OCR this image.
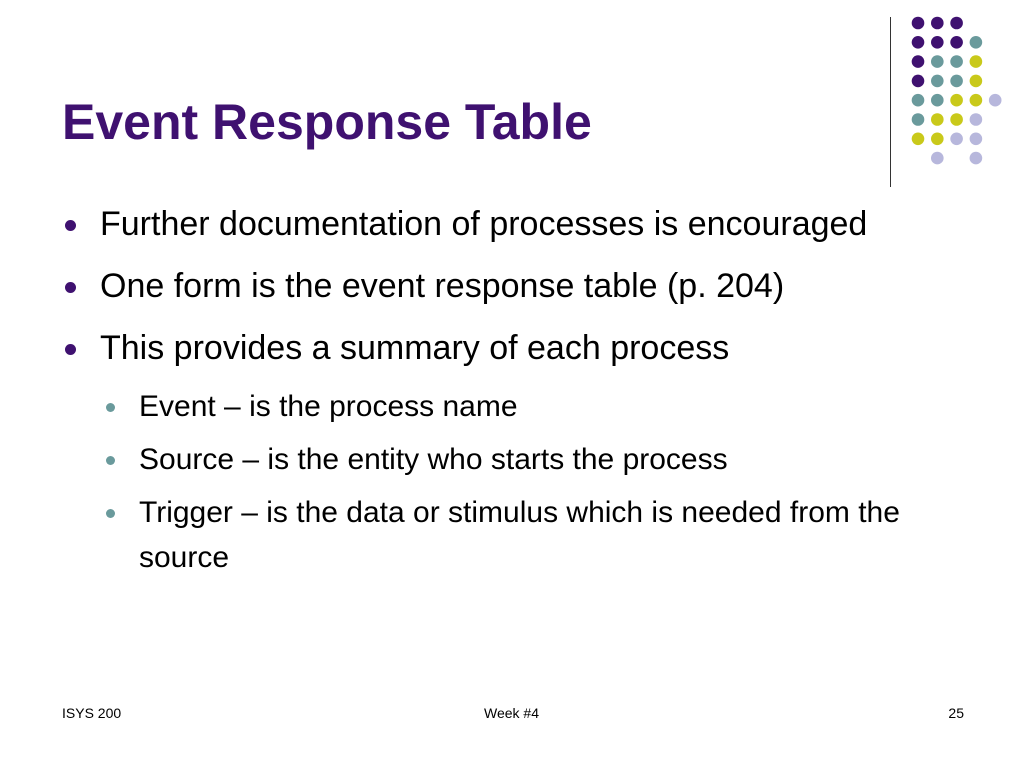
Event Response Table
Further documentation of processes is encouraged
One form is the event response table (p. 204)
This provides a summary of each process
Event – is the process name
Source – is the entity who starts the process
Trigger – is the data or stimulus which is needed from the source
ISYS 200	Week #4	25
